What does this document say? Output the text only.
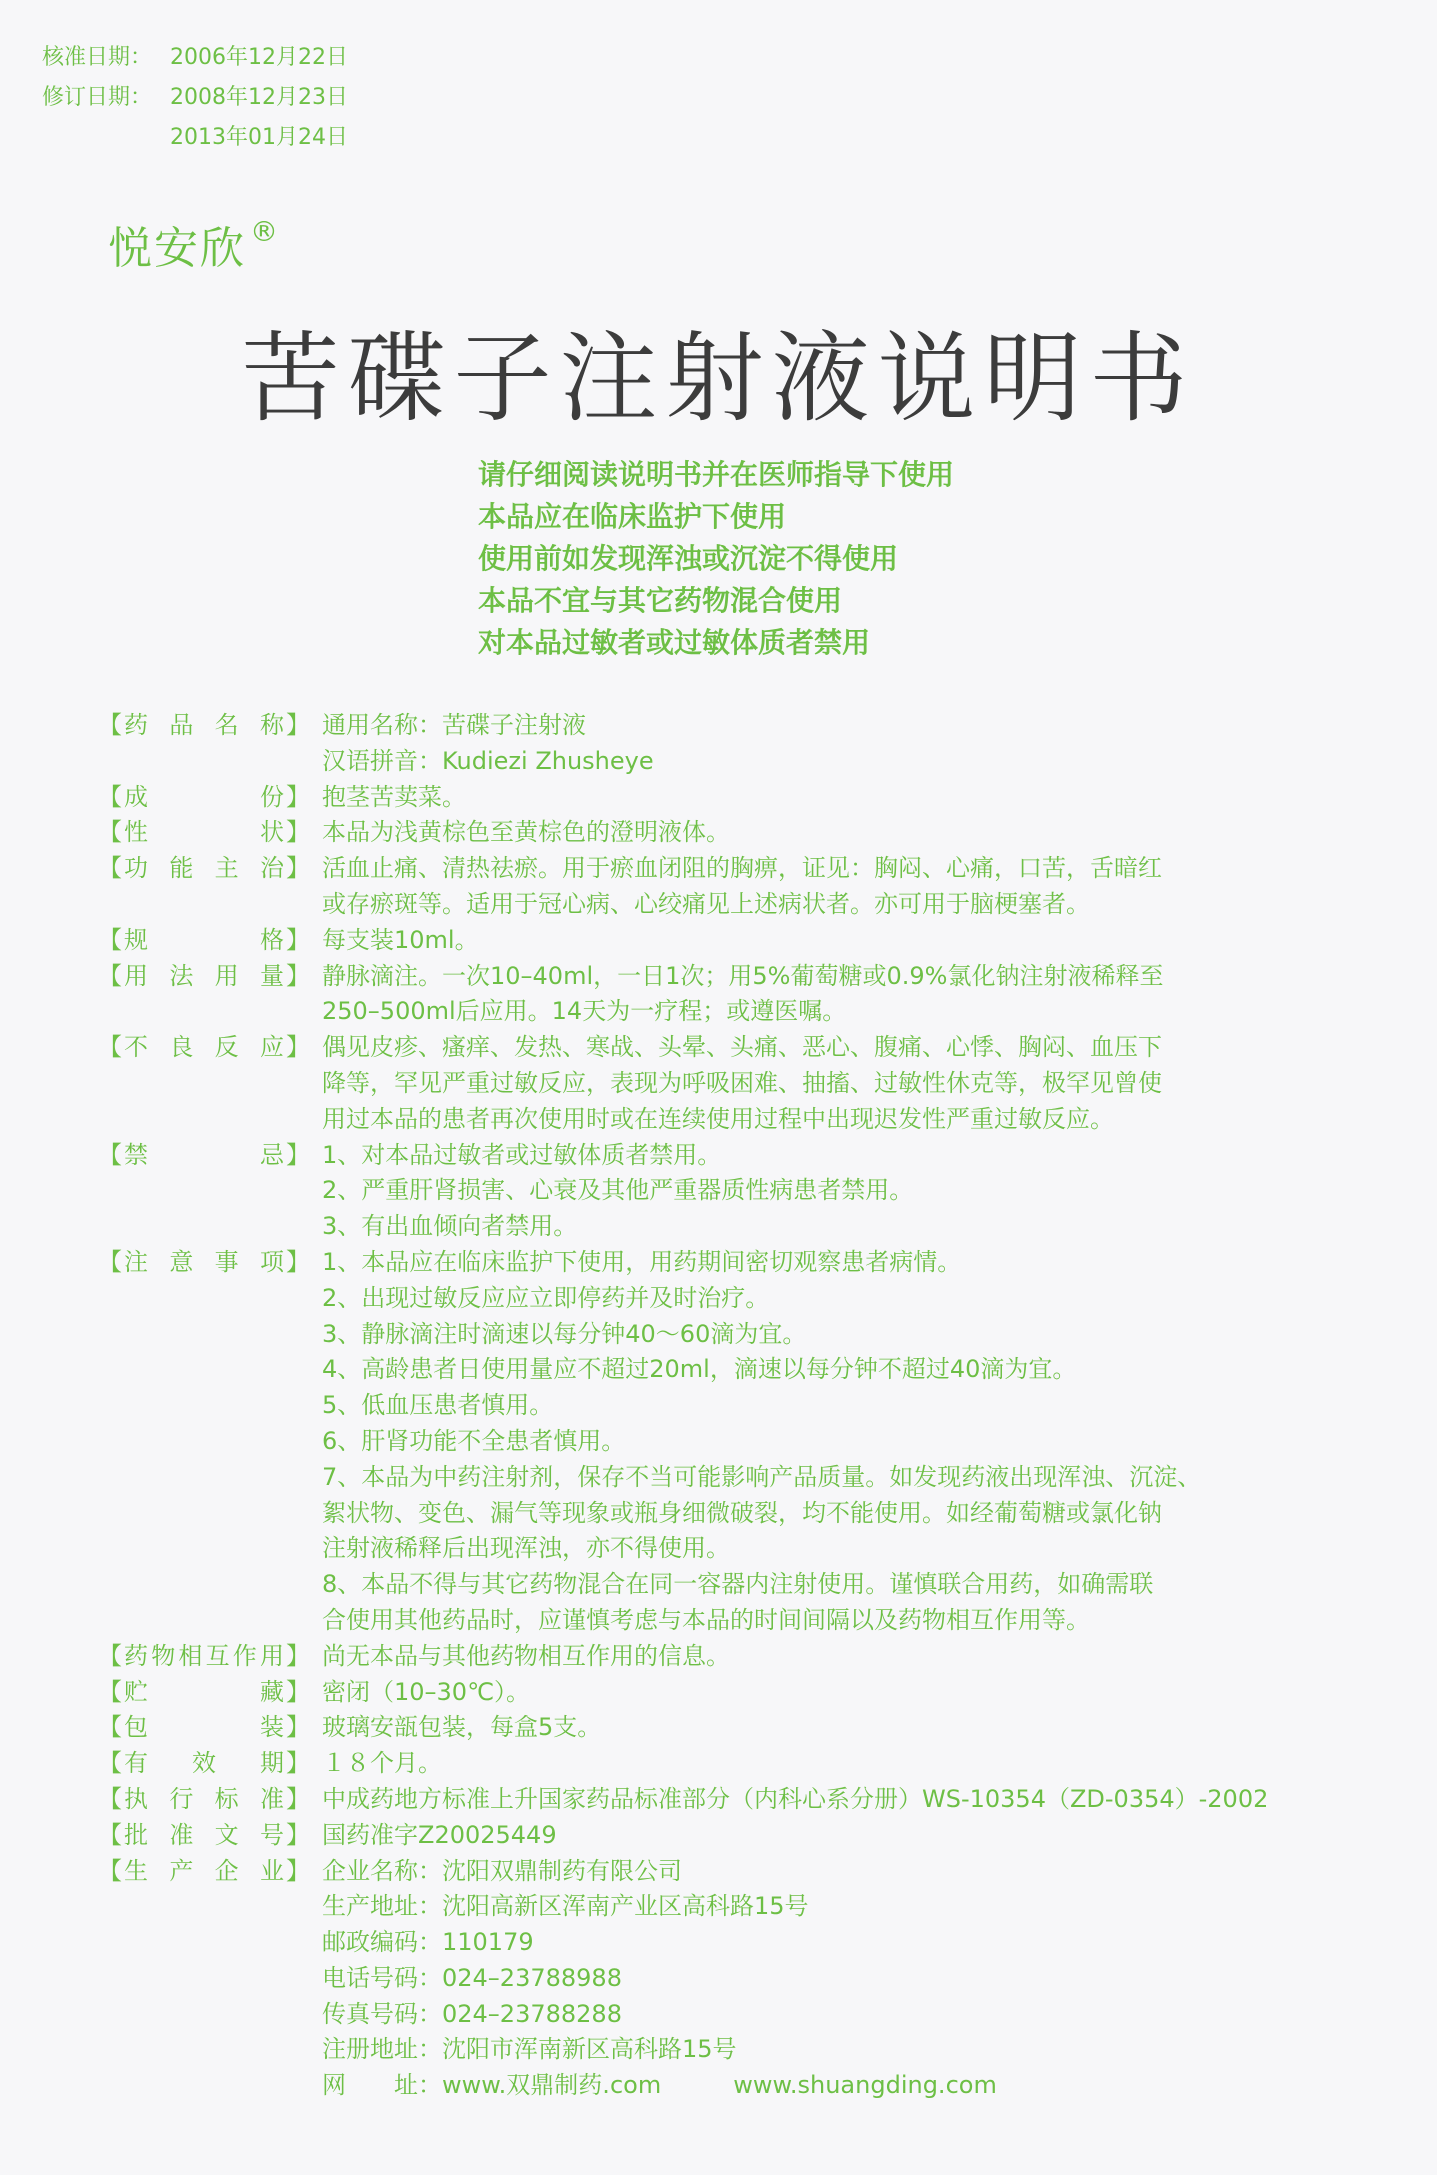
核准日期： 2006年12月22日
修订日期： 2008年12月23日
2013年01月24日
悦安欣 ®
苦碟子注射液说明书
请仔细阅读说明书并在医师指导下使用
本品应在临床监护下使用
使用前如发现浑浊或沉淀不得使用
本品不宜与其它药物混合使用
对本品过敏者或过敏体质者禁用
【 药 品 名 称 】 通用名称：苦碟子注射液
汉语拼音：Kudiezi Zhusheye
【 成	份 】 抱茎苦荬菜。
【 性	状 】 本品为浅黄棕色至黄棕色的澄明液体。
【 功 能 主 治 】 活血止痛、清热祛瘀。用于瘀血闭阻的胸痹，证见：胸闷、心痛，口苦，舌暗红
或存瘀斑等。适用于冠心病、心绞痛见上述病状者。亦可用于脑梗塞者。
【 规	格 】 每支装10ml。
【 用 法 用 量 】 静脉滴注。一次10–40ml，一日1次；用5%葡萄糖或0.9%氯化钠注射液稀释至
250–500ml后应用。14天为一疗程；或遵医嘱。
【 不 良 反 应 】 偶见皮疹、瘙痒、发热、寒战、头晕、头痛、恶心、腹痛、心悸、胸闷、血压下
降等，罕见严重过敏反应，表现为呼吸困难、抽搐、过敏性休克等，极罕见曾使
用过本品的患者再次使用时或在连续使用过程中出现迟发性严重过敏反应。
【 禁	忌 】 1、对本品过敏者或过敏体质者禁用。
2、严重肝肾损害、心衰及其他严重器质性病患者禁用。
3、有出血倾向者禁用。
【 注 意 事 项 】 1、本品应在临床监护下使用，用药期间密切观察患者病情。
2、出现过敏反应应立即停药并及时治疗。
3、静脉滴注时滴速以每分钟40～60滴为宜。
4、高龄患者日使用量应不超过20ml，滴速以每分钟不超过40滴为宜。
5、低血压患者慎用。
6、肝肾功能不全患者慎用。
7、本品为中药注射剂，保存不当可能影响产品质量。如发现药液出现浑浊、沉淀、
絮状物、变色、漏气等现象或瓶身细微破裂，均不能使用。如经葡萄糖或氯化钠
注射液稀释后出现浑浊，亦不得使用。
8、本品不得与其它药物混合在同一容器内注射使用。谨慎联合用药，如确需联
合使用其他药品时，应谨慎考虑与本品的时间间隔以及药物相互作用等。
【 药 物 相 互 作 用 】 尚无本品与其他药物相互作用的信息。
【 贮	藏 】 密闭（10–30℃）。
【 包	装 】 玻璃安瓿包装，每盒5支。
【 有 效 期 】 １８个月。
【 执 行 标 准 】 中成药地方标准上升国家药品标准部分（内科心系分册）WS-10354（ZD-0354）-2002
【 批 准 文 号 】 国药准字Z20025449
【 生 产 企 业 】 企业名称：沈阳双鼎制药有限公司
生产地址：沈阳高新区浑南产业区高科路15号
邮政编码：110179
电话号码：024–23788988
传真号码：024–23788288
注册地址：沈阳市浑南新区高科路15号
网　　址：www.双鼎制药.com　　　www.shuangding.com
